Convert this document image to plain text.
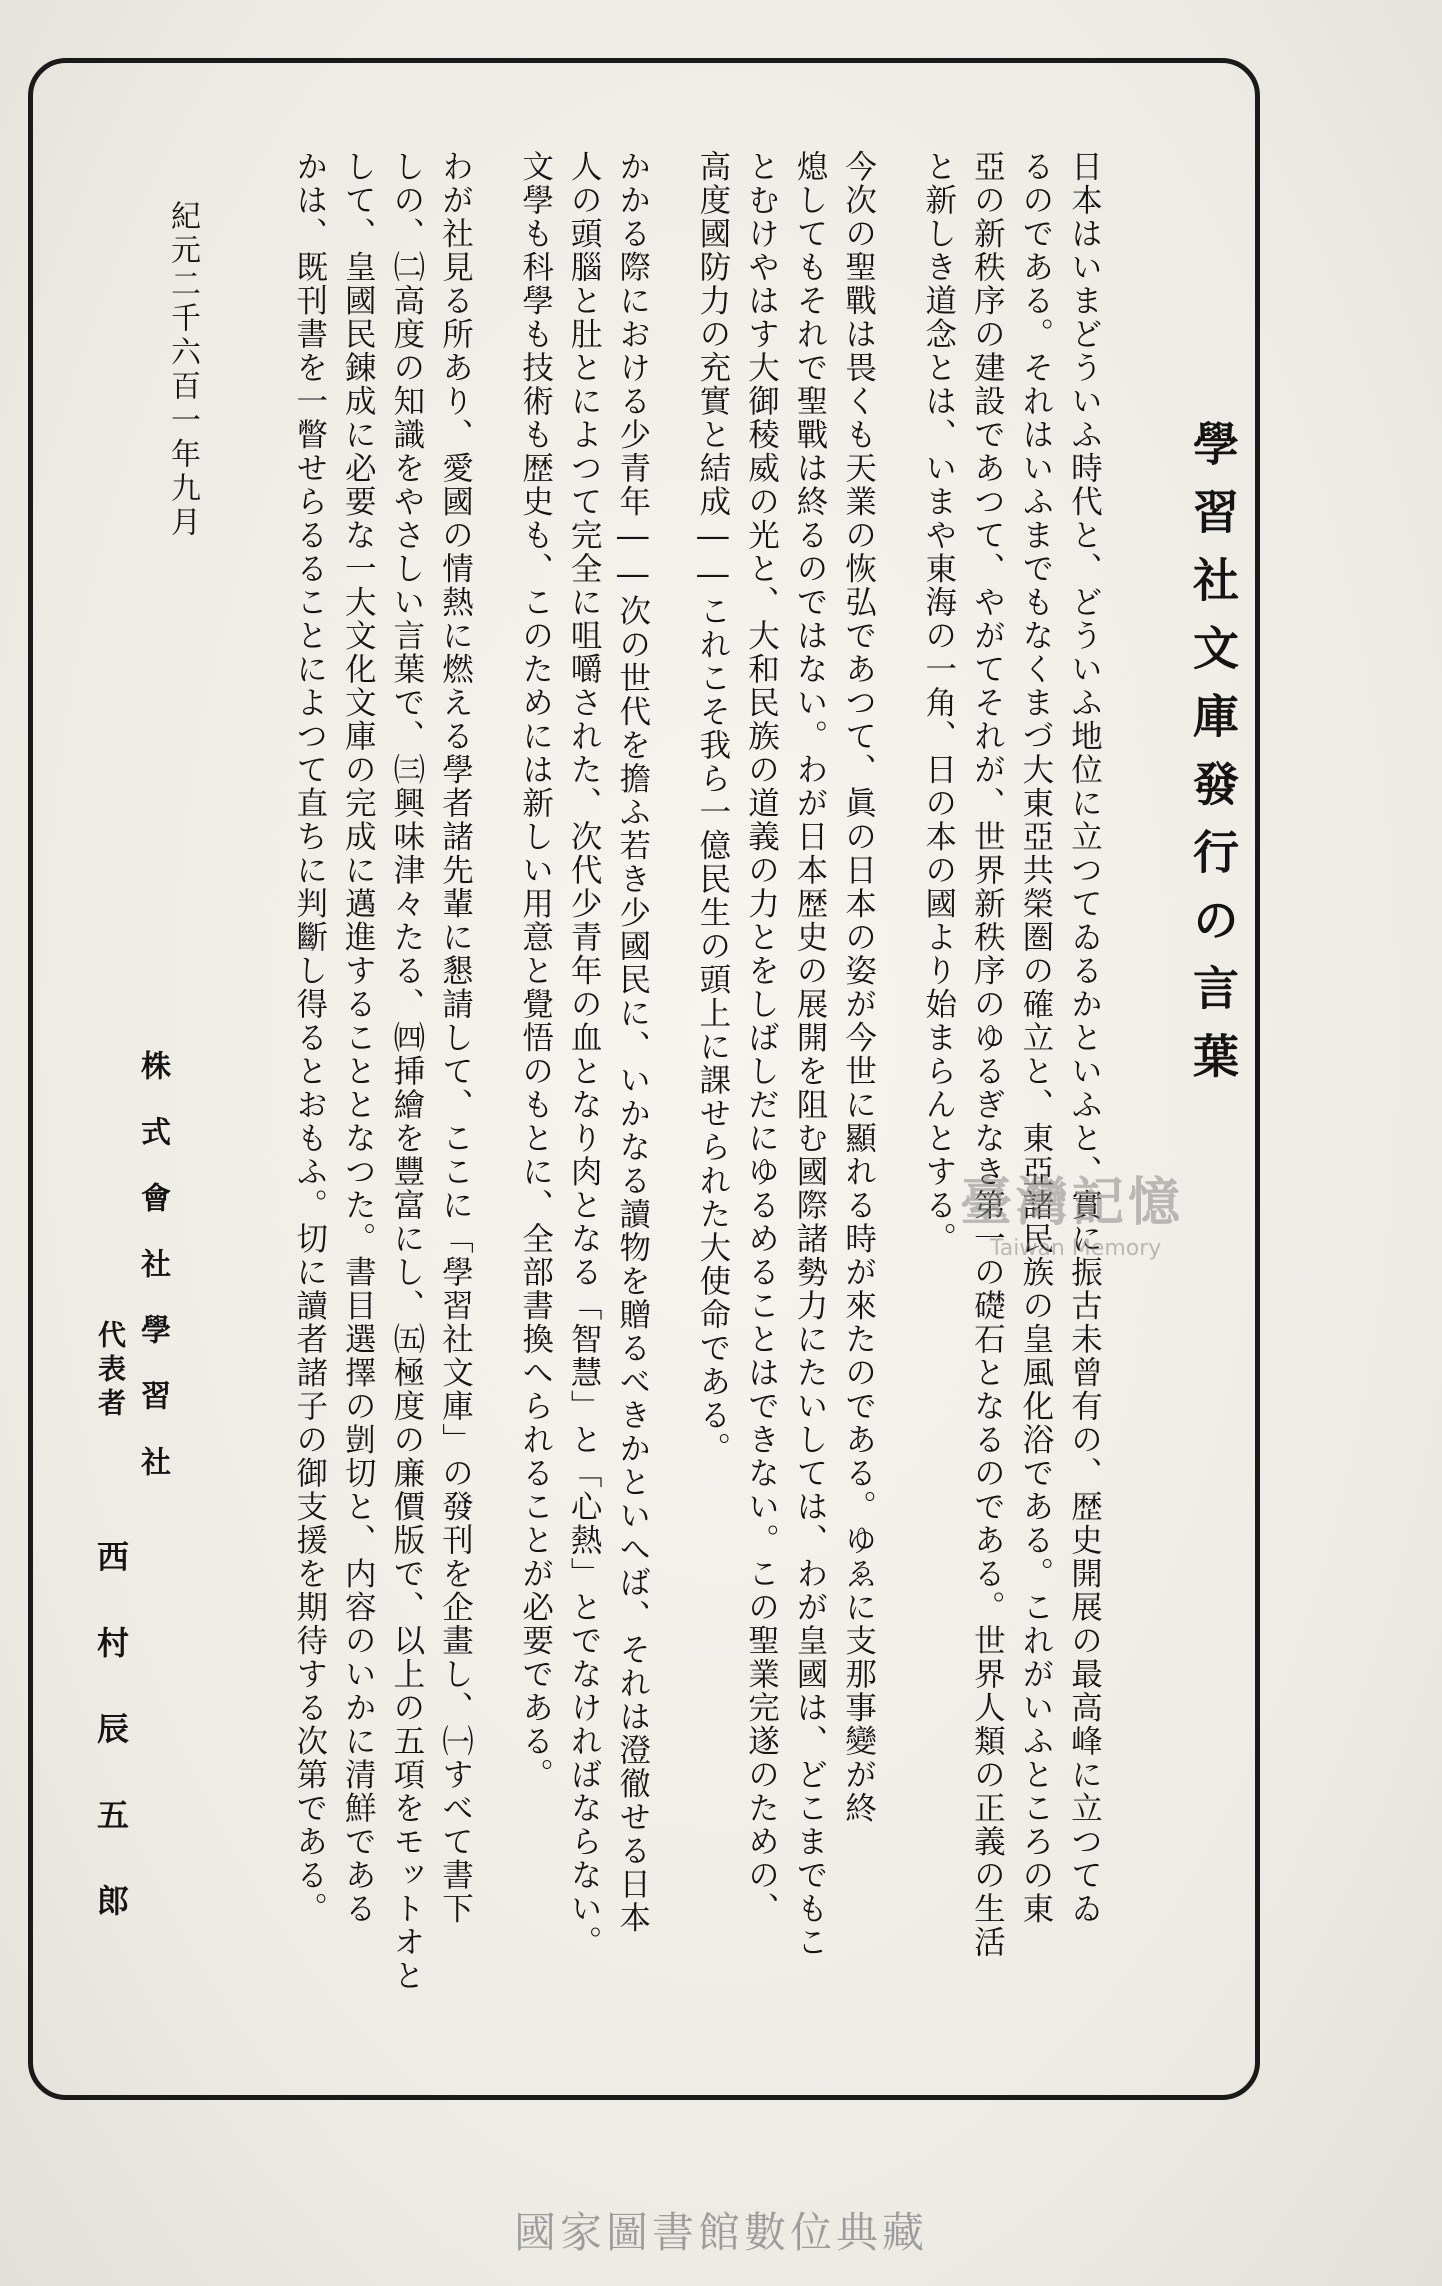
學習社文庫發行の言葉
日本はいまどういふ時代と、どういふ地位に立つてゐるかといふと、實に振古未曾有の、歴史開展の最高峰に立つてゐ
るのである。それはいふまでもなくまづ大東亞共榮圏の確立と、東亞諸民族の皇風化浴である。これがいふところの東
亞の新秩序の建設であつて、やがてそれが、世界新秩序のゆるぎなき第一の礎石となるのである。世界人類の正義の生活
と新しき道念とは、いまや東海の一角、日の本の國より始まらんとする。
今次の聖戰は畏くも天業の恢弘であつて、眞の日本の姿が今世に顯れる時が來たのである。ゆゑに支那事變が終
熄してもそれで聖戰は終るのではない。わが日本歴史の展開を阻む國際諸勢力にたいしては、わが皇國は、どこまでもこ
とむけやはす大御稜威の光と、大和民族の道義の力とをしばしだにゆるめることはできない。この聖業完遂のための、
高度國防力の充實と結成――これこそ我ら一億民生の頭上に課せられた大使命である。
かかる際における少青年――次の世代を擔ふ若き少國民に、いかなる讀物を贈るべきかといへば、それは澄徹せる日本
人の頭腦と肚とによつて完全に咀嚼された、次代少青年の血となり肉となる「智慧」と「心熱」とでなければならない。
文學も科學も技術も歴史も、このためには新しい用意と覺悟のもとに、全部書換へられることが必要である。
わが社見る所あり、愛國の情熱に燃える學者諸先輩に懇請して、ここに「學習社文庫」の發刊を企畫し、㈠すべて書下
しの、㈡高度の知識をやさしい言葉で、㈢興味津々たる、㈣挿繪を豐富にし、㈤極度の廉價版で、以上の五項をモットオと
して、皇國民錬成に必要な一大文化文庫の完成に邁進することとなつた。書目選擇の剴切と、内容のいかに清鮮である
かは、既刊書を一瞥せらるることによつて直ちに判斷し得るとおもふ。切に讀者諸子の御支援を期待する次第である。
紀元二千六百一年九月
株式會社學習社
代表者
西村辰五郎
臺灣記憶
Taiwan Memory
國家圖書館數位典藏
